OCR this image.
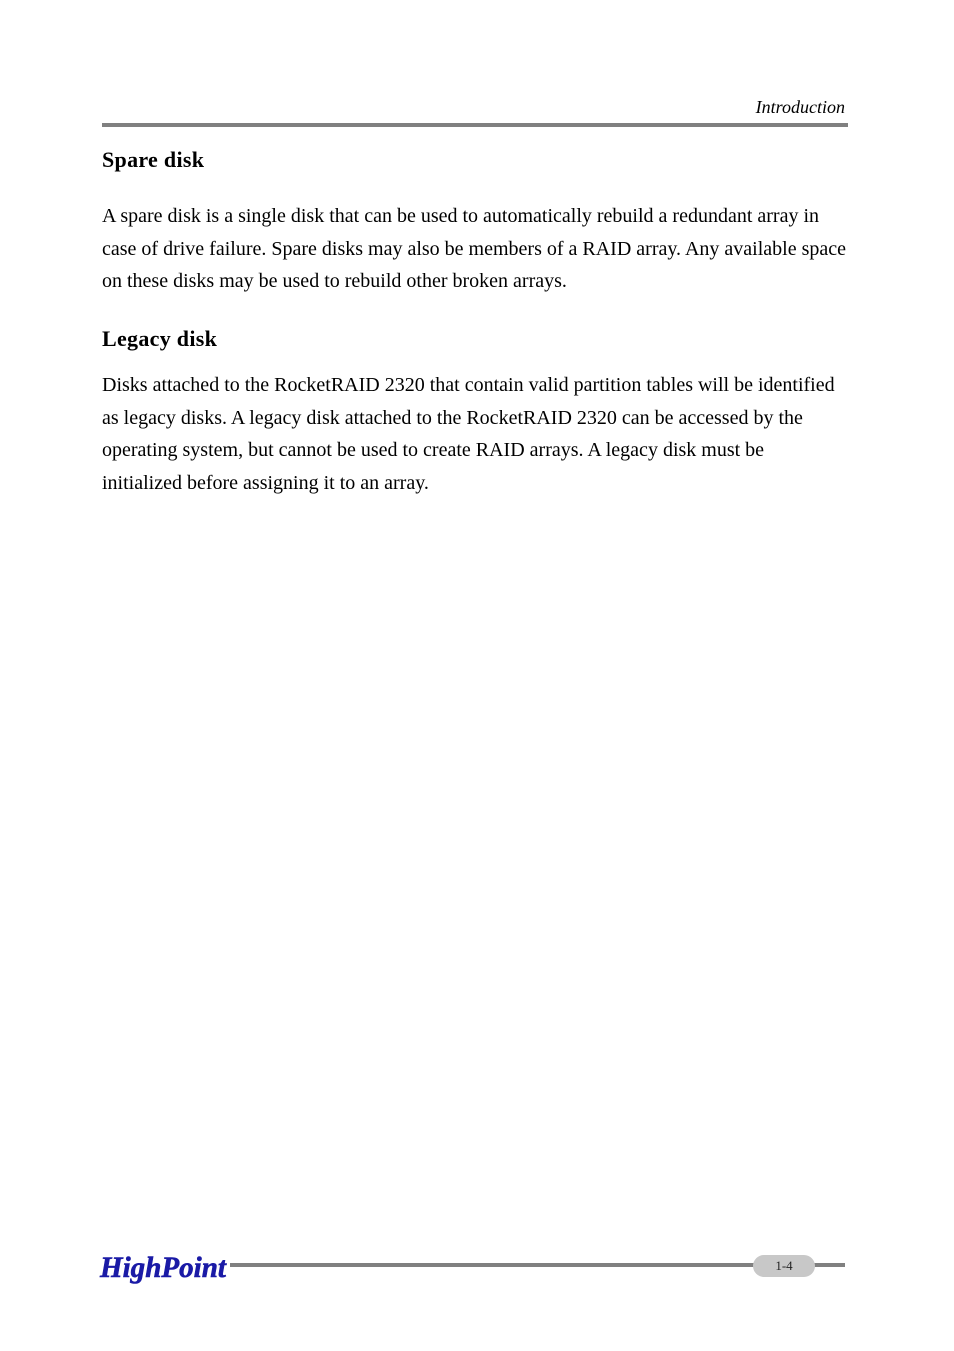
Introduction
Spare disk

A spare disk is a single disk that can be used to automatically rebuild a redundant array in case of drive failure. Spare disks may also be members of a RAID array. Any available space on these disks may be used to rebuild other broken arrays.

Legacy disk

Disks attached to the RocketRAID 2320 that contain valid partition tables will be identified as legacy disks. A legacy disk attached to the RocketRAID 2320 can be accessed by the operating system, but cannot be used to create RAID arrays. A legacy disk must be initialized before assigning it to an array.

HighPoint	1-4
